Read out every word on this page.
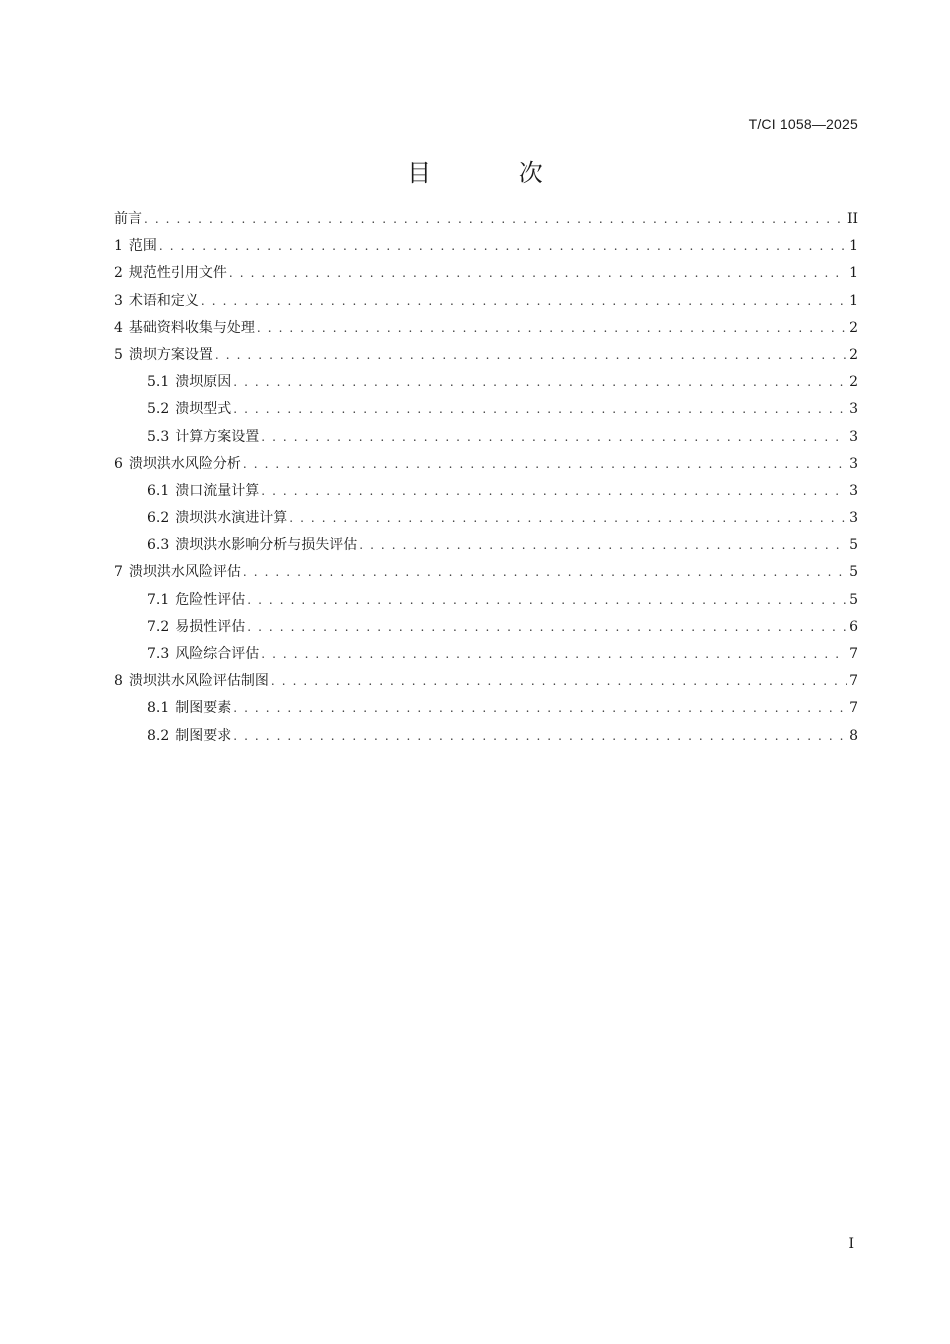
T/CI 1058—2025
目 次
前言 . . .	II
1 范围 . . .	1
2 规范性引用文件 . . .	1
3 术语和定义 . . .	1
4 基础资料收集与处理 . . .	2
5 溃坝方案设置 . . .	2
5.1 溃坝原因 . . .	2
5.2 溃坝型式 . . .	3
5.3 计算方案设置 . . .	3
6 溃坝洪水风险分析 . . .	3
6.1 溃口流量计算 . . .	3
6.2 溃坝洪水演进计算 . . .	3
6.3 溃坝洪水影响分析与损失评估 . . .	5
7 溃坝洪水风险评估 . . .	5
7.1 危险性评估 . . .	5
7.2 易损性评估 . . .	6
7.3 风险综合评估 . . .	7
8 溃坝洪水风险评估制图 . . .	7
8.1 制图要素 . . .	7
8.2 制图要求 . . .	8
I
